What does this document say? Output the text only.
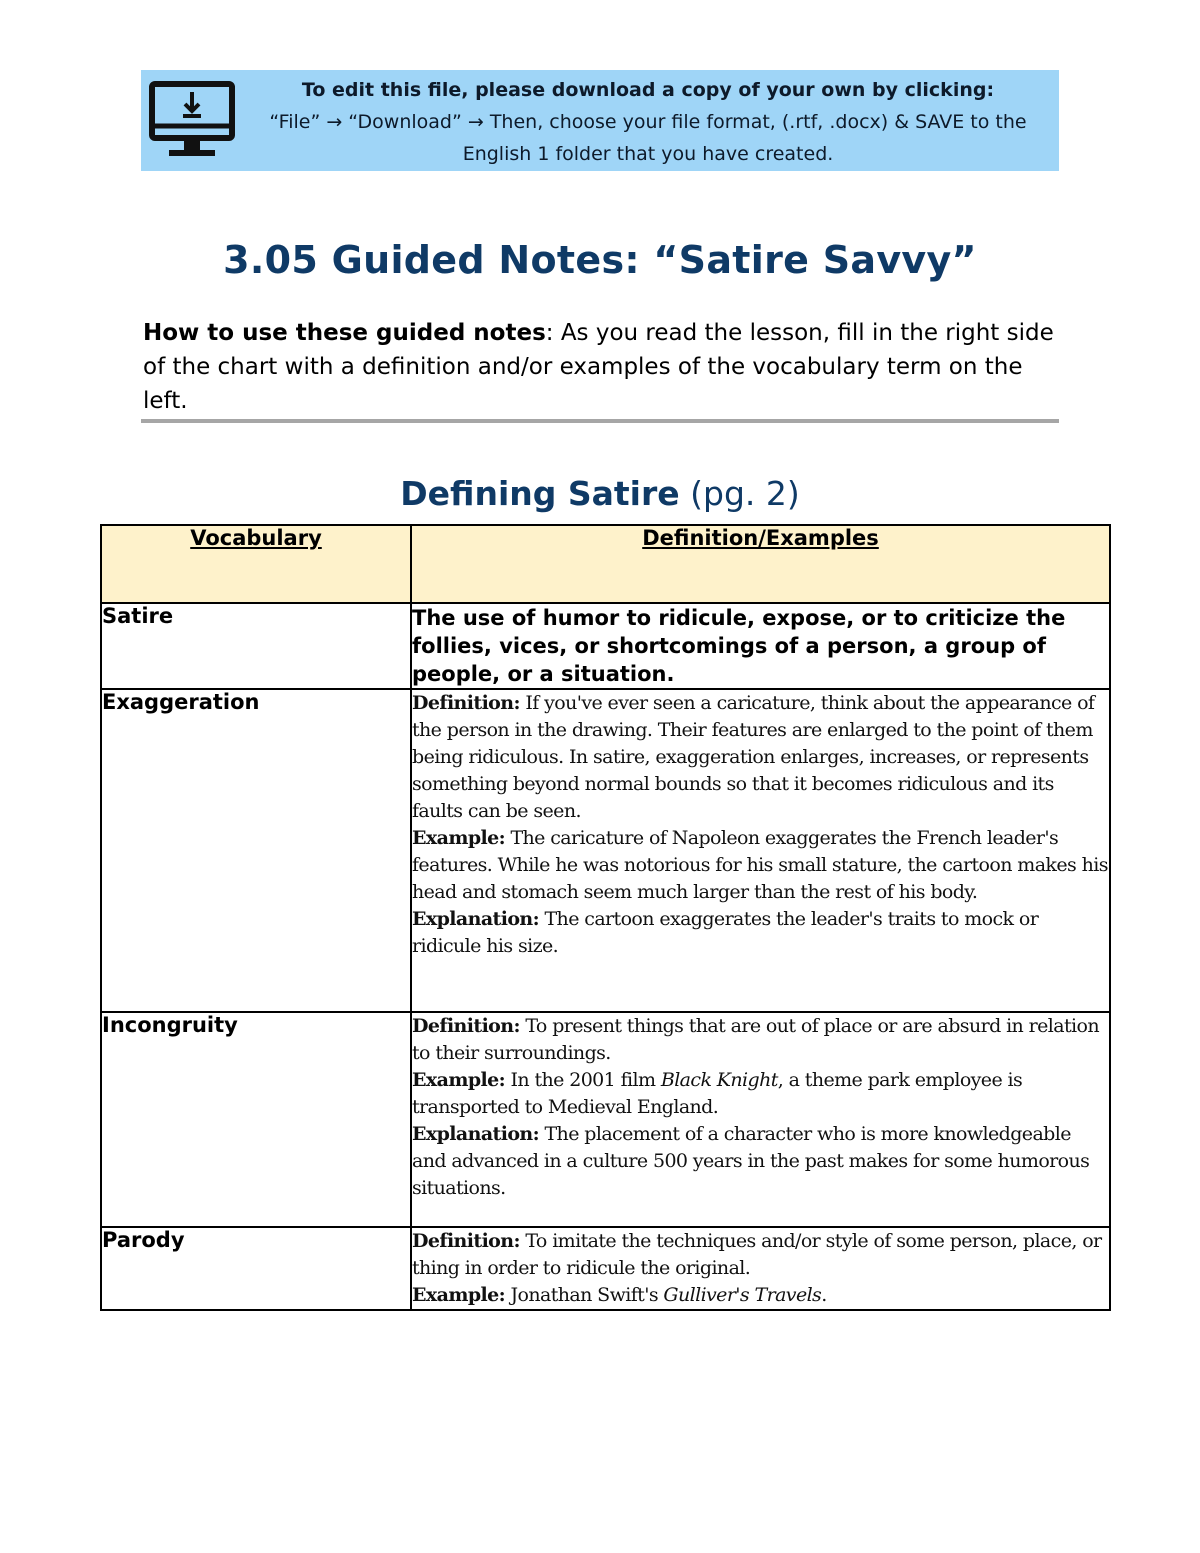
To edit this file, please download a copy of your own by clicking:
“File” → “Download” → Then, choose your file format, (.rtf, .docx) & SAVE to the
English 1 folder that you have created.
3.05 Guided Notes: “Satire Savvy”
How to use these guided notes: As you read the lesson, fill in the right side of the chart with a definition and/or examples of the vocabulary term on the left.
Defining Satire (pg. 2)
Vocabulary	Definition/Examples
Satire	The use of humor to ridicule, expose, or to criticize the follies, vices, or shortcomings of a person, a group of people, or a situation.
Exaggeration	Definition: If you've ever seen a caricature, think about the appearance of the person in the drawing. Their features are enlarged to the point of them being ridiculous. In satire, exaggeration enlarges, increases, or represents something beyond normal bounds so that it becomes ridiculous and its faults can be seen.
Example: The caricature of Napoleon exaggerates the French leader's features. While he was notorious for his small stature, the cartoon makes his head and stomach seem much larger than the rest of his body.
Explanation: The cartoon exaggerates the leader's traits to mock or ridicule his size.

Incongruity	Definition: To present things that are out of place or are absurd in relation to their surroundings.
Example: In the 2001 film Black Knight, a theme park employee is transported to Medieval England.
Explanation: The placement of a character who is more knowledgeable and advanced in a culture 500 years in the past makes for some humorous situations.

Parody	Definition: To imitate the techniques and/or style of some person, place, or thing in order to ridicule the original.
Example: Jonathan Swift's Gulliver's Travels.
